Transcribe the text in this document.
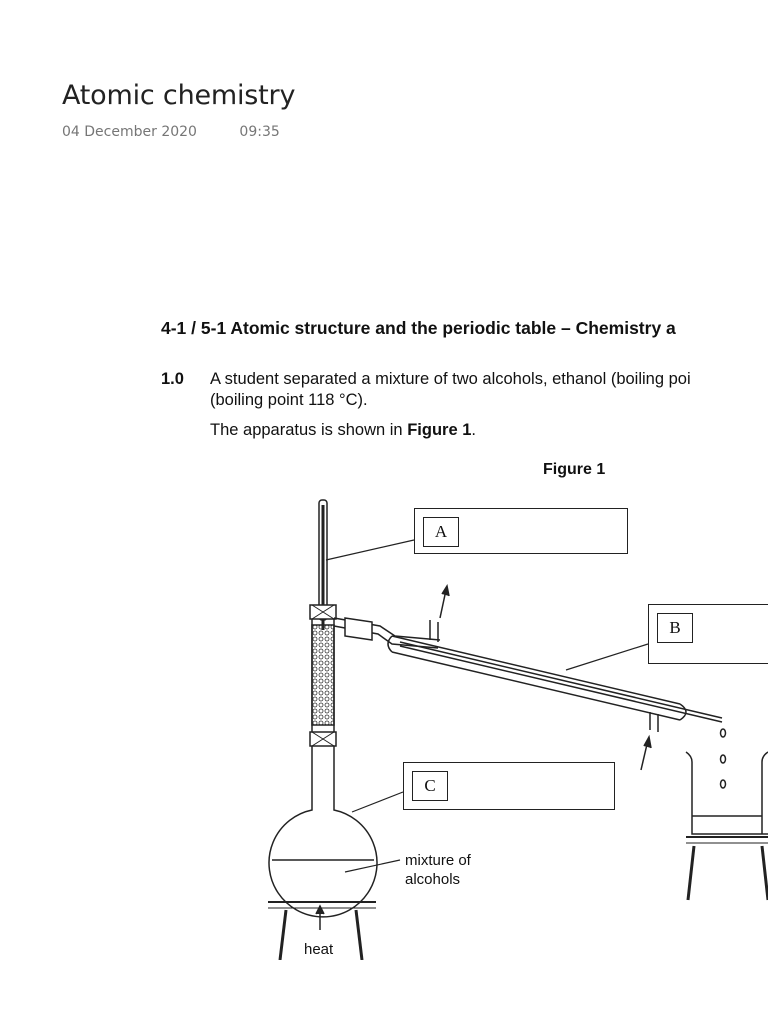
Atomic chemistry
04 December 2020	09:35
4-1 / 5-1 Atomic structure and the periodic table – Chemistry a
1.0 A student separated a mixture of two alcohols, ethanol (boiling poi
(boiling point 118 °C).
The apparatus is shown in Figure 1.
Figure 1
A
B
C
mixture of
alcohols
heat
